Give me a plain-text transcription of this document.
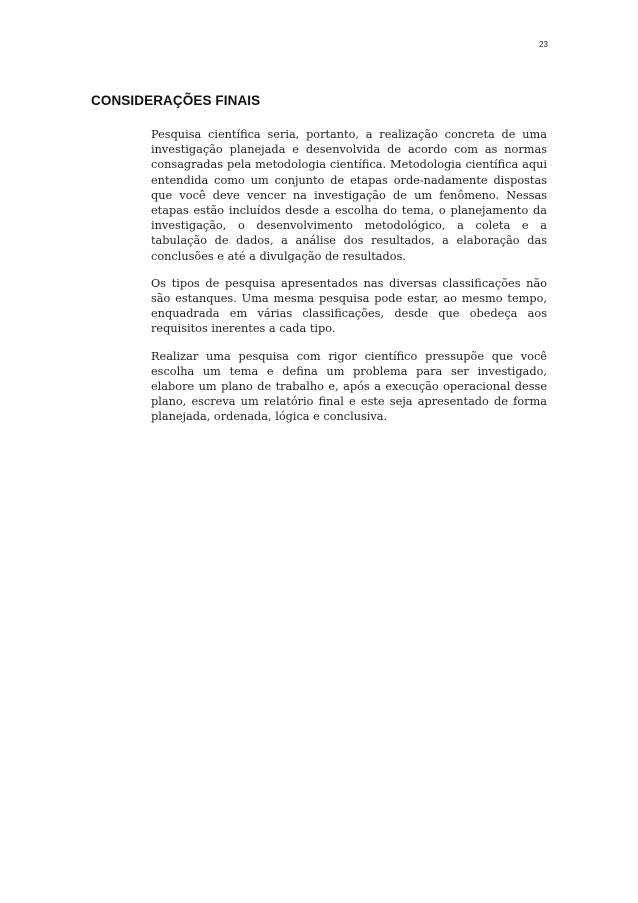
23
CONSIDERAÇÕES FINAIS

Pesquisa científica seria, portanto, a realização concreta de uma investigação planejada e desenvolvida de acordo com as normas consagradas pela metodologia científica. Metodologia científica aqui entendida como um conjunto de etapas orde-nadamente dispostas que você deve vencer na investigação de um fenômeno. Nessas etapas estão incluídos desde a escolha do tema, o planejamento da investigação, o desenvolvimento metodológico, a coleta e a tabulação de dados, a análise dos resultados, a elaboração das conclusões e até a divulgação de resultados.

Os tipos de pesquisa apresentados nas diversas classificações não são estanques. Uma mesma pesquisa pode estar, ao mesmo tempo, enquadrada em várias classificações, desde que obedeça aos requisitos inerentes a cada tipo.

Realizar uma pesquisa com rigor científico pressupõe que você escolha um tema e defina um problema para ser investigado, elabore um plano de trabalho e, após a execução operacional desse plano, escreva um relatório final e este seja apresentado de forma planejada, ordenada, lógica e conclusiva.
